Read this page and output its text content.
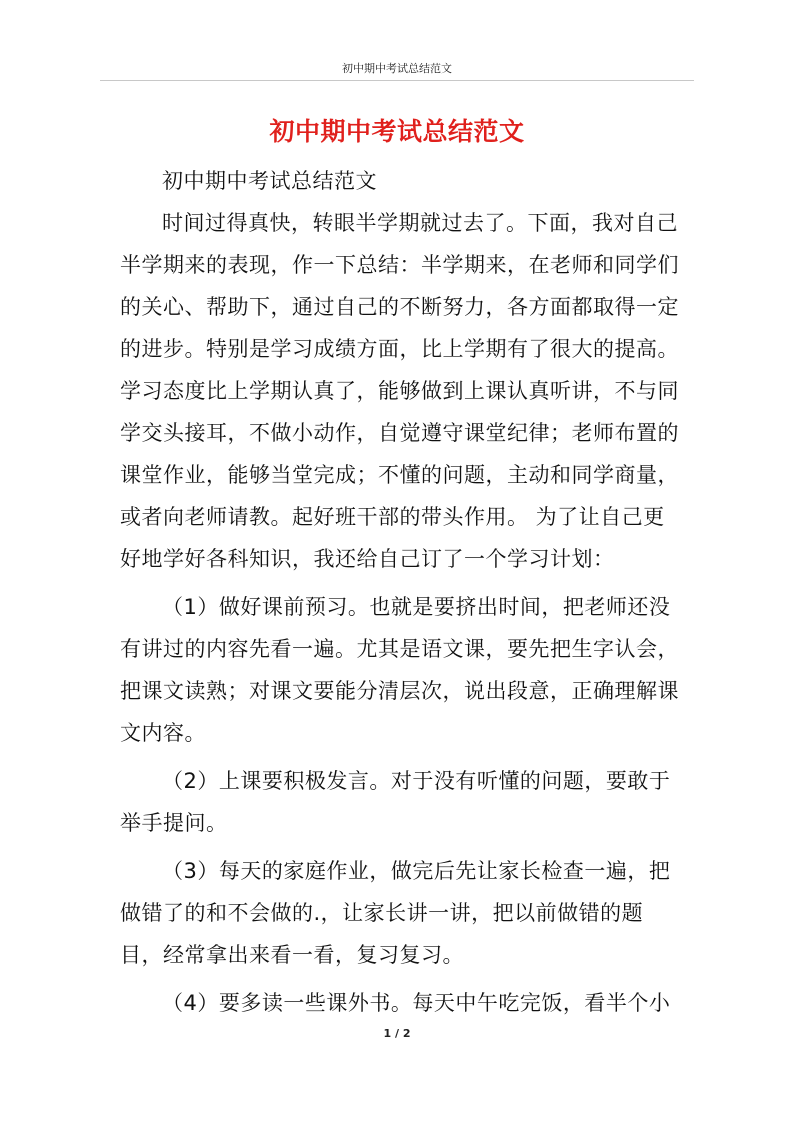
初中期中考试总结范文
初中期中考试总结范文

初中期中考试总结范文

时间过得真快，转眼半学期就过去了。下面，我对自己半学期来的表现，作一下总结：半学期来，在老师和同学们的关心、帮助下，通过自己的不断努力，各方面都取得一定的进步。特别是学习成绩方面，比上学期有了很大的提高。学习态度比上学期认真了，能够做到上课认真听讲，不与同学交头接耳，不做小动作，自觉遵守课堂纪律；老师布置的课堂作业，能够当堂完成；不懂的问题，主动和同学商量，或者向老师请教。起好班干部的带头作用。 为了让自己更好地学好各科知识，我还给自己订了一个学习计划：

（1）做好课前预习。也就是要挤出时间，把老师还没有讲过的内容先看一遍。尤其是语文课，要先把生字认会，把课文读熟；对课文要能分清层次，说出段意，正确理解课文内容。

（2）上课要积极发言。对于没有听懂的问题，要敢于举手提问。

（3）每天的家庭作业，做完后先让家长检查一遍，把做错了的和不会做的.，让家长讲一讲，把以前做错的题目，经常拿出来看一看，复习复习。

（4）要多读一些课外书。每天中午吃完饭，看半个小

1 / 2
